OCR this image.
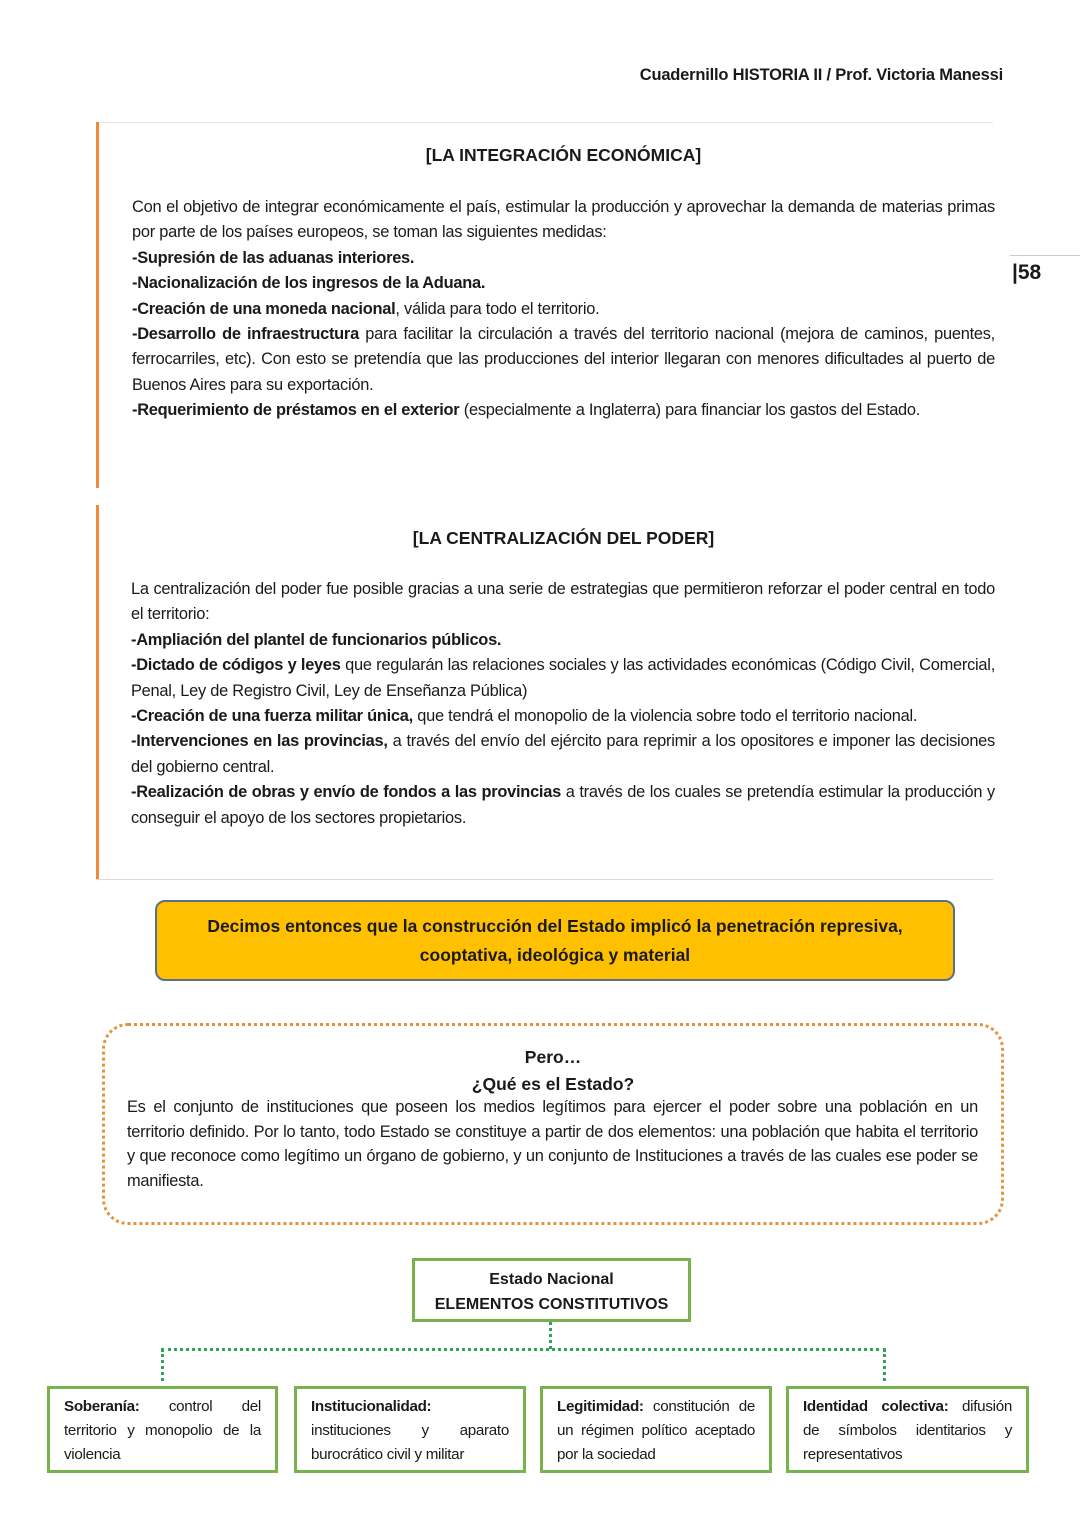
Cuadernillo HISTORIA II / Prof. Victoria Manessi
|58
[LA INTEGRACIÓN ECONÓMICA]

Con el objetivo de integrar económicamente el país, estimular la producción y aprovechar la demanda de materias primas por parte de los países europeos, se toman las siguientes medidas:

-Supresión de las aduanas interiores.

-Nacionalización de los ingresos de la Aduana.

-Creación de una moneda nacional, válida para todo el territorio.

-Desarrollo de infraestructura para facilitar la circulación a través del territorio nacional (mejora de caminos, puentes, ferrocarriles, etc). Con esto se pretendía que las producciones del interior llegaran con menores dificultades al puerto de Buenos Aires para su exportación.

-Requerimiento de préstamos en el exterior (especialmente a Inglaterra) para financiar los gastos del Estado.

[LA CENTRALIZACIÓN DEL PODER]

La centralización del poder fue posible gracias a una serie de estrategias que permitieron reforzar el poder central en todo el territorio:

-Ampliación del plantel de funcionarios públicos.

-Dictado de códigos y leyes que regularán las relaciones sociales y las actividades económicas (Código Civil, Comercial, Penal, Ley de Registro Civil, Ley de Enseñanza Pública)

-Creación de una fuerza militar única, que tendrá el monopolio de la violencia sobre todo el territorio nacional.

-Intervenciones en las provincias, a través del envío del ejército para reprimir a los opositores e imponer las decisiones del gobierno central.

-Realización de obras y envío de fondos a las provincias a través de los cuales se pretendía estimular la producción y conseguir el apoyo de los sectores propietarios.

Decimos entonces que la construcción del Estado implicó la penetración represiva,
cooptativa, ideológica y material
Pero…
¿Qué es el Estado?
Es el conjunto de instituciones que poseen los medios legítimos para ejercer el poder sobre una población en un territorio definido. Por lo tanto, todo Estado se constituye a partir de dos elementos: una población que habita el territorio y que reconoce como legítimo un órgano de gobierno, y un conjunto de Instituciones a través de las cuales ese poder se manifiesta.
Estado Nacional
ELEMENTOS CONSTITUTIVOS
Soberanía: control del territorio y monopolio de la violencia
Institucionalidad: instituciones y aparato burocrático civil y militar
Legitimidad: constitución de un régimen político aceptado por la sociedad
Identidad colectiva: difusión de símbolos identitarios y representativos
